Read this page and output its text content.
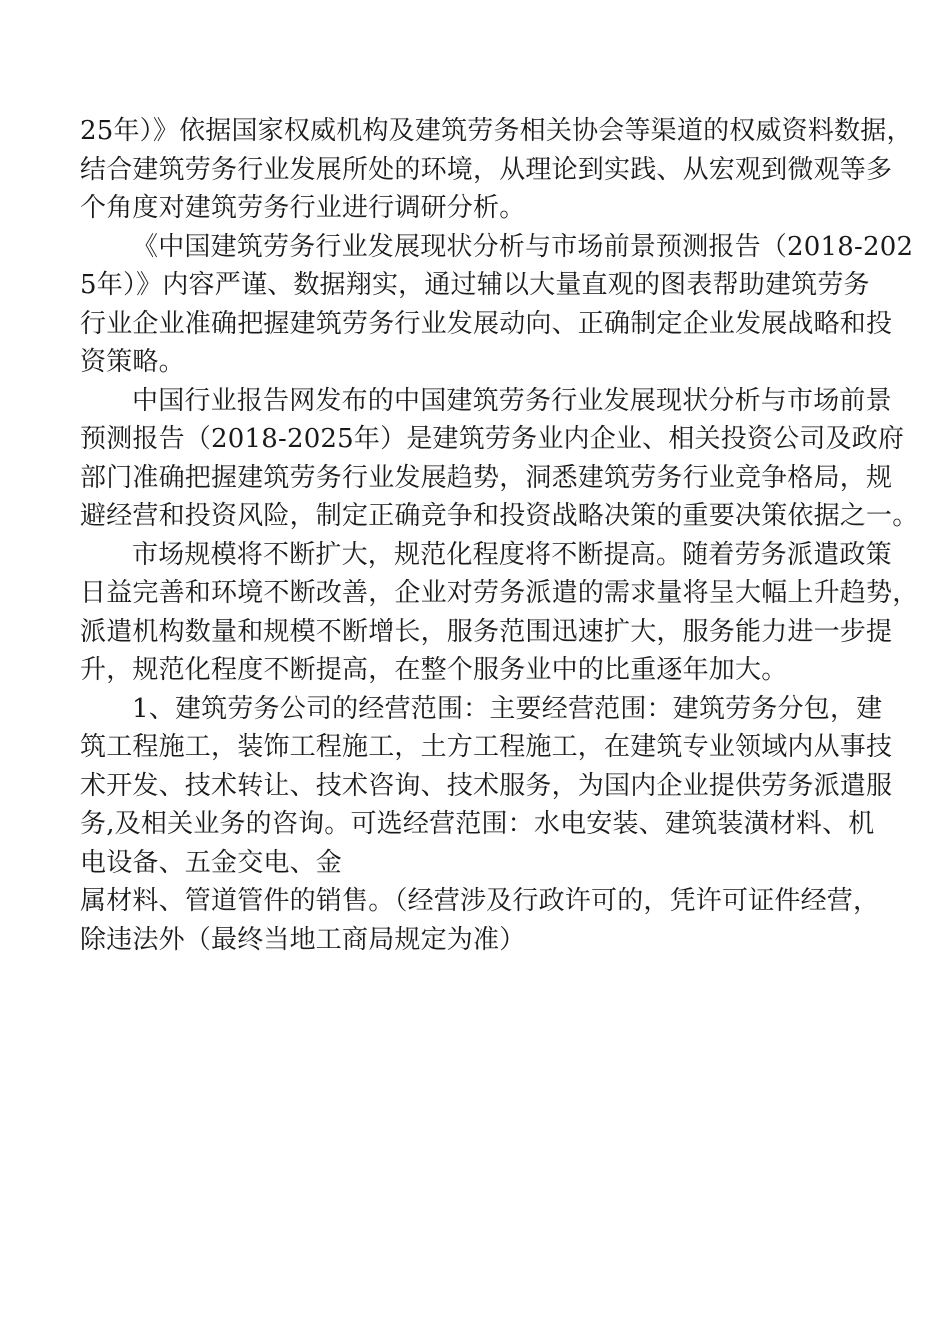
25年）》依据国家权威机构及建筑劳务相关协会等渠道的权威资料数据，
结合建筑劳务行业发展所处的环境，从理论到实践、从宏观到微观等多
个角度对建筑劳务行业进行调研分析。
《中国建筑劳务行业发展现状分析与市场前景预测报告（2018-202
5年）》内容严谨、数据翔实，通过辅以大量直观的图表帮助建筑劳务
行业企业准确把握建筑劳务行业发展动向、正确制定企业发展战略和投
资策略。
中国行业报告网发布的中国建筑劳务行业发展现状分析与市场前景
预测报告（2018-2025年）是建筑劳务业内企业、相关投资公司及政府
部门准确把握建筑劳务行业发展趋势，洞悉建筑劳务行业竞争格局，规
避经营和投资风险，制定正确竞争和投资战略决策的重要决策依据之一。
市场规模将不断扩大，规范化程度将不断提高。随着劳务派遣政策
日益完善和环境不断改善，企业对劳务派遣的需求量将呈大幅上升趋势，
派遣机构数量和规模不断增长，服务范围迅速扩大，服务能力进一步提
升，规范化程度不断提高，在整个服务业中的比重逐年加大。
1、建筑劳务公司的经营范围：主要经营范围：建筑劳务分包，建
筑工程施工，装饰工程施工，土方工程施工，在建筑专业领域内从事技
术开发、技术转让、技术咨询、技术服务，为国内企业提供劳务派遣服
务,及相关业务的咨询。可选经营范围：水电安装、建筑装潢材料、机
电设备、五金交电、金
属材料、管道管件的销售。（经营涉及行政许可的，凭许可证件经营，
除违法外（最终当地工商局规定为准）
